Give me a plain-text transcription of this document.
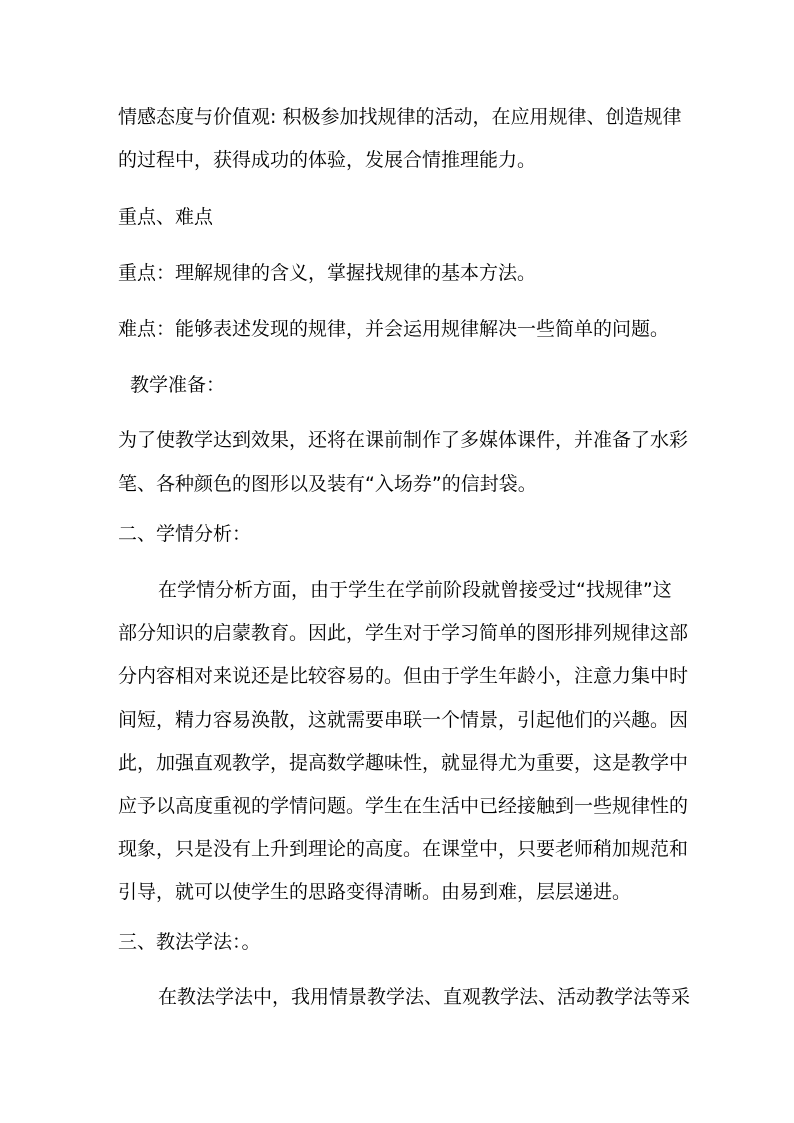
情感态度与价值观: 积极参加找规律的活动，在应用规律、创造规律
的过程中，获得成功的体验，发展合情推理能力。
重点、难点
重点：理解规律的含义，掌握找规律的基本方法。
难点：能够表述发现的规律，并会运用规律解决一些简单的问题。
教学准备：
为了使教学达到效果，还将在课前制作了多媒体课件，并准备了水彩
笔、各种颜色的图形以及装有“入场券”的信封袋。
二、学情分析：
在学情分析方面，由于学生在学前阶段就曾接受过“找规律”这
部分知识的启蒙教育。因此，学生对于学习简单的图形排列规律这部
分内容相对来说还是比较容易的。但由于学生年龄小，注意力集中时
间短，精力容易涣散，这就需要串联一个情景，引起他们的兴趣。因
此，加强直观教学，提高数学趣味性，就显得尤为重要，这是教学中
应予以高度重视的学情问题。学生在生活中已经接触到一些规律性的
现象，只是没有上升到理论的高度。在课堂中，只要老师稍加规范和
引导，就可以使学生的思路变得清晰。由易到难，层层递进。
三、教法学法：。
在教法学法中，我用情景教学法、直观教学法、活动教学法等采
